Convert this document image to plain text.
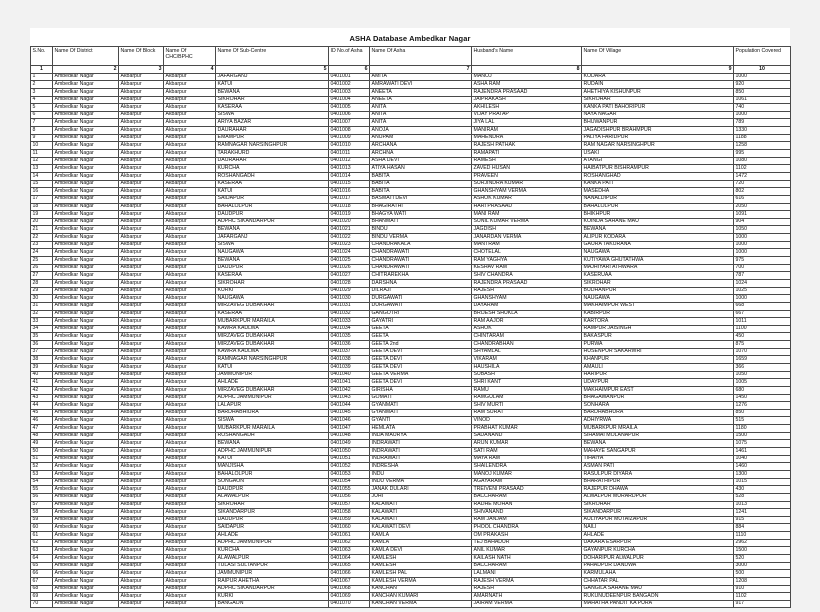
ASHA Database Ambedkar Nagar
S.No.	Name Of District	Name Of Block	Name Of CHC/BPHC	Name Of Sub-Centre	ID No.of Asha	Name Of Asha	Husband's Name	Name Of Village	Population Covered
1	2	3	4	5	6	7	8	9	10
1	Ambedkar Nagar	Akbarpur	Akbarpur	JAFARGANJ	0401001	AMITA	MANOJ	KODARA	1000
2	Ambedkar Nagar	Akbarpur	Akbarpur	KATUI	0401002	AMRAWATI DEVI	ASHA RAM	RUDAIN	920
3	Ambedkar Nagar	Akbarpur	Akbarpur	BEWANA	0401003	ANEETA	RAJENDRA PRASAAD	AHETHIYA KISHUNPUR	850
4	Ambedkar Nagar	Akbarpur	Akbarpur	SIKROHAR	0401004	ANEETA	JAIPRAKASH	SIKROHAR	1061
5	Ambedkar Nagar	Akbarpur	Akbarpur	KASERAA	0401005	ANITA	AKHILESH	KANKA PATI BAHORIPUR	740
6	Ambedkar Nagar	Akbarpur	Akbarpur	SISWA	0401006	ANITA	VIJAY PRATAP	NAYA NAGAR	1000
7	Ambedkar Nagar	Akbarpur	Akbarpur	ARIYA BAZAR	0401007	ANITA	JIYA LAL	BHUWANPUR	789
8	Ambedkar Nagar	Akbarpur	Akbarpur	DAURAHAR	0401008	ANOJA	MANIRAM	JAGADISHPUR BRAHMPUR	1330
9	Ambedkar Nagar	Akbarpur	Akbarpur	EMAMPUR	0401009	ANUPAM	MAHENDRA	PALIYA FARIDPUR	1188
10	Ambedkar Nagar	Akbarpur	Akbarpur	RAMNAGAR NARSINGHPUR	0401010	ARCHANA	RAJESH PATHAK	RAM NAGAR NARSINGHPUR	1258
11	Ambedkar Nagar	Akbarpur	Akbarpur	TARAKHURD	0401011	ARCHNA	RAMAPATI	USAKI	995
12	Ambedkar Nagar	Akbarpur	Akbarpur	DAURAHAR	0401012	ASHA DEVI	RAMESH	ATANGI	1080
13	Ambedkar Nagar	Akbarpur	Akbarpur	KURCHA	0401013	ATIYA HASAN	ZAVED HUSAN	HAIBATPUR BISHRAMPUR	1102
14	Ambedkar Nagar	Akbarpur	Akbarpur	ROSHANGADH	0401014	BABITA	PRAVEEN	ROSHANGHAD	1472
15	Ambedkar Nagar	Akbarpur	Akbarpur	KASERAA	0401015	BABITA	SURJINDRA KUMAR	KANKA PATI	720
16	Ambedkar Nagar	Akbarpur	Akbarpur	KATUI	0401016	BABITA	GHANSHYAM VERMA	MASEDHA	802
17	Ambedkar Nagar	Akbarpur	Akbarpur	SAIDAPUR	0401017	BASMATI DEVI	ASHOK KUMAR	NANALDIPUR	616
18	Ambedkar Nagar	Akbarpur	Akbarpur	BAHALOLPUR	0401018	BHAGIRATHI	HARI PRASAAD	BAHALOLPUR	2050
19	Ambedkar Nagar	Akbarpur	Akbarpur	DAUDPUR	0401019	BHAGYA WATI	MANI RAM	BHIKHPUR	1091
20	Ambedkar Nagar	Akbarpur	Akbarpur	ADPHC SIKANDARPUR	0401020	BHANMATI	SUNIL KUMAR VERMA	KOINDA SAHANE MAU	904
21	Ambedkar Nagar	Akbarpur	Akbarpur	BEWANA	0401021	BINDU	JAGDISH	BEWANA	1050
22	Ambedkar Nagar	Akbarpur	Akbarpur	JAFARGANJ	0401022	BINDU VERMA	JANARDAN VERMA	ALIPUR KODARA	1000
23	Ambedkar Nagar	Akbarpur	Akbarpur	SISWA	0401023	CHANDRAKALA	MANTRAM	GAURA TAKURANA	1000
24	Ambedkar Nagar	Akbarpur	Akbarpur	NAUGAWA	0401024	CHANDRAWATI	CHOTELAL	NAUGAWA	1000
25	Ambedkar Nagar	Akbarpur	Akbarpur	BEWANA	0401025	CHANDRAWATI	RAM YAGHYA	KUTIYAWA GHUTATHWA	975
26	Ambedkar Nagar	Akbarpur	Akbarpur	DAUDPUR	0401026	CHANDRAWATI	KESHAV RAM	MAJHIYARI ATHWARA	700
27	Ambedkar Nagar	Akbarpur	Akbarpur	KASERAA	0401027	CHITRAREKHA	SHIV CHANDRA	KASERUAA	787
28	Ambedkar Nagar	Akbarpur	Akbarpur	SIKROHAR	0401028	DARSHNA	RAJENDRA PRASAAD	SIKROHAR	1024
29	Ambedkar Nagar	Akbarpur	Akbarpur	KURKI	0401029	DILRAJI	RAJESH	BUDHANPUR	1025
30	Ambedkar Nagar	Akbarpur	Akbarpur	NAUGAWA	0401030	DURGAWATI	GHANSHYAM	NAUGAWA	1000
31	Ambedkar Nagar	Akbarpur	Akbarpur	MIRZAVEG DUBAKHAR	0401031	DURGAWATI	DAYARAM	MAKHAIMPUR WEST	668
32	Ambedkar Nagar	Akbarpur	Akbarpur	KASERAA	0401032	GANGOTRI	BRIJESH SHUKLA	KABIRPUR	667
33	Ambedkar Nagar	Akbarpur	Akbarpur	MUBARKPUR MARAILA	0401033	GAYATRI	RAM AAJOR	KARTORA	1011
34	Ambedkar Nagar	Akbarpur	Akbarpur	KAWRA KAULWA	0401034	GEETA	ASHOK	RAMPUR JAISINGH	1100
35	Ambedkar Nagar	Akbarpur	Akbarpur	MIRZAVEG DUBAKHAR	0401035	GEETA	CHINTARAM	BAKASPUR	450
36	Ambedkar Nagar	Akbarpur	Akbarpur	MIRZAVEG DUBAKHAR	0401036	GEETA 2nd	CHANDRABHAN	PURWA	875
37	Ambedkar Nagar	Akbarpur	Akbarpur	KAWRA KAULWA	0401037	GEETA DEVI	SHYAMLAL	HUSENPUR SAKARWRI	1070
38	Ambedkar Nagar	Akbarpur	Akbarpur	RAMNAGAR NARSINGHPUR	0401038	GEETA DEVI	VIKARAM	KHANPUR	1659
39	Ambedkar Nagar	Akbarpur	Akbarpur	KATUI	0401039	GEETA DEVI	HAUSHILA	AMAULI	366
40	Ambedkar Nagar	Akbarpur	Akbarpur	JAMMUNIPUR	0401040	GEETA VERMA	SUBASH	HARIPUR	1050
41	Ambedkar Nagar	Akbarpur	Akbarpur	AHLADE	0401041	GEETA DEVI	SHRI KANT	UDAYPUR	1005
42	Ambedkar Nagar	Akbarpur	Akbarpur	MIRZAVEG DUBAKHAR	0401042	GIRISHA	RAMU	MAKHAIMPUR EAST	680
43	Ambedkar Nagar	Akbarpur	Akbarpur	ADPHC JAMMUNIPUR	0401043	GOMATI	RAMGULAM	BHAGAWANPUR	1450
44	Ambedkar Nagar	Akbarpur	Akbarpur	LALAPUR	0401044	GYANMATI	SHIV MURTI	SONHARA	1276
45	Ambedkar Nagar	Akbarpur	Akbarpur	BARDHABHIURA	0401045	GYANMATI	RAM SURAT	BARDHABHURA	850
46	Ambedkar Nagar	Akbarpur	Akbarpur	SISWA	0401046	GYANTI	VINOD	ADHIYRWA	515
47	Ambedkar Nagar	Akbarpur	Akbarpur	MUBARKPUR MARAILA	0401047	HEMLATA	PRABHAT KUMAR	MUBARKPUR MRAILA	1180
48	Ambedkar Nagar	Akbarpur	Akbarpur	ROSHANGADH	0401048	INDA MAURYA	SADANAND	SIHAMAI MOLANAPUR	1500
49	Ambedkar Nagar	Akbarpur	Akbarpur	BEWANA	0401049	INDRAWATI	ARUN KUMAR	BEWANA	1075
50	Ambedkar Nagar	Akbarpur	Akbarpur	ADPHC JAMMUNIPUR	0401050	INDRAWATI	SATI RAM	MAHAYE SANGAPUR	1461
51	Ambedkar Nagar	Akbarpur	Akbarpur	KATUI	0401051	INDRAWATI	MAYA RAM	TIHAIYA	1040
52	Ambedkar Nagar	Akbarpur	Akbarpur	MANJISHA	0401052	INDRESHA	SHAILENDRA	ASMAN PATI	1460
53	Ambedkar Nagar	Akbarpur	Akbarpur	BAHALOLPUR	0401053	INDU	MANOJ KUMAR	RASULPUR DIYARA	1300
54	Ambedkar Nagar	Akbarpur	Akbarpur	SONGAON	0401054	INDU VERMA	AGAYARAM	BHARATHIPUR	1015
55	Ambedkar Nagar	Akbarpur	Akbarpur	DAUDPUR	0401055	JANAK DULARI	TREIVENI PRASAAD	RAJEPUR DHAWA	430
56	Ambedkar Nagar	Akbarpur	Akbarpur	ALAWALPUR	0401056	JUHI	BACCHARAM	ALWALPUR MURARDPUR	528
57	Ambedkar Nagar	Akbarpur	Akbarpur	SIKROHAR	0401057	KALAWATI	RADHE MOHAN	SIKROHAR	1013
58	Ambedkar Nagar	Akbarpur	Akbarpur	SIKANDARPUR	0401058	KALAWATI	SHIVANAND	SIKANDARPUR	1241
59	Ambedkar Nagar	Akbarpur	Akbarpur	DAUDPUR	0401059	KALAWATI	RAM JANJAM	AULIYAPUR MUTAIZAPUR	915
60	Ambedkar Nagar	Akbarpur	Akbarpur	SAIDAPUR	0401060	KALAWATI DEVI	PHOOL CHANDRA	NAILI	884
61	Ambedkar Nagar	Akbarpur	Akbarpur	AHLADE	0401061	KAMLA	OM PRAKASH	AHLADE	1110
62	Ambedkar Nagar	Akbarpur	Akbarpur	ADPHC JAMMUNIPUR	0401062	KAMLA	TEJ BAHADUR	UAKARA ESARPUR	2962
63	Ambedkar Nagar	Akbarpur	Akbarpur	KURCHA	0401063	KAMLA DEVI	ANIL KUMAR	GAYANPUR KURCHA	1500
64	Ambedkar Nagar	Akbarpur	Akbarpur	ALAWALPUR	0401064	KAMLESH	KAILASH NATH	DOHARIPUR ALWALPUR	520
65	Ambedkar Nagar	Akbarpur	Akbarpur	TULASI SULTANPUR	0401065	KAMLESH	BACCHARAM	PAHADPUR DANDWA	3000
66	Ambedkar Nagar	Akbarpur	Akbarpur	JAMMUNIPUR	0401066	KAMLESH PAL	LALMANI	KARMULAHA	500
67	Ambedkar Nagar	Akbarpur	Akbarpur	RAIPUR AHETHA	0401067	KAMLESH VERMA	RAJESH VERMA	CHHATAR PAL	1208
68	Ambedkar Nagar	Akbarpur	Akbarpur	ADPHC SIKANDARPUR	0401068	KANCHAN	RAJESH	GANGILA SAHANE MAU	910
69	Ambedkar Nagar	Akbarpur	Akbarpur	KURKI	0401069	KANCHAN KUMARI	AMARNATH	RUKUNUDEENPUR BANGAON	1102
70	Ambedkar Nagar	Akbarpur	Akbarpur	BANGAON	0401070	KANCHAN VERMA	JAIRAM VERMA	MAHATHA PANDIT KA PURA	917
